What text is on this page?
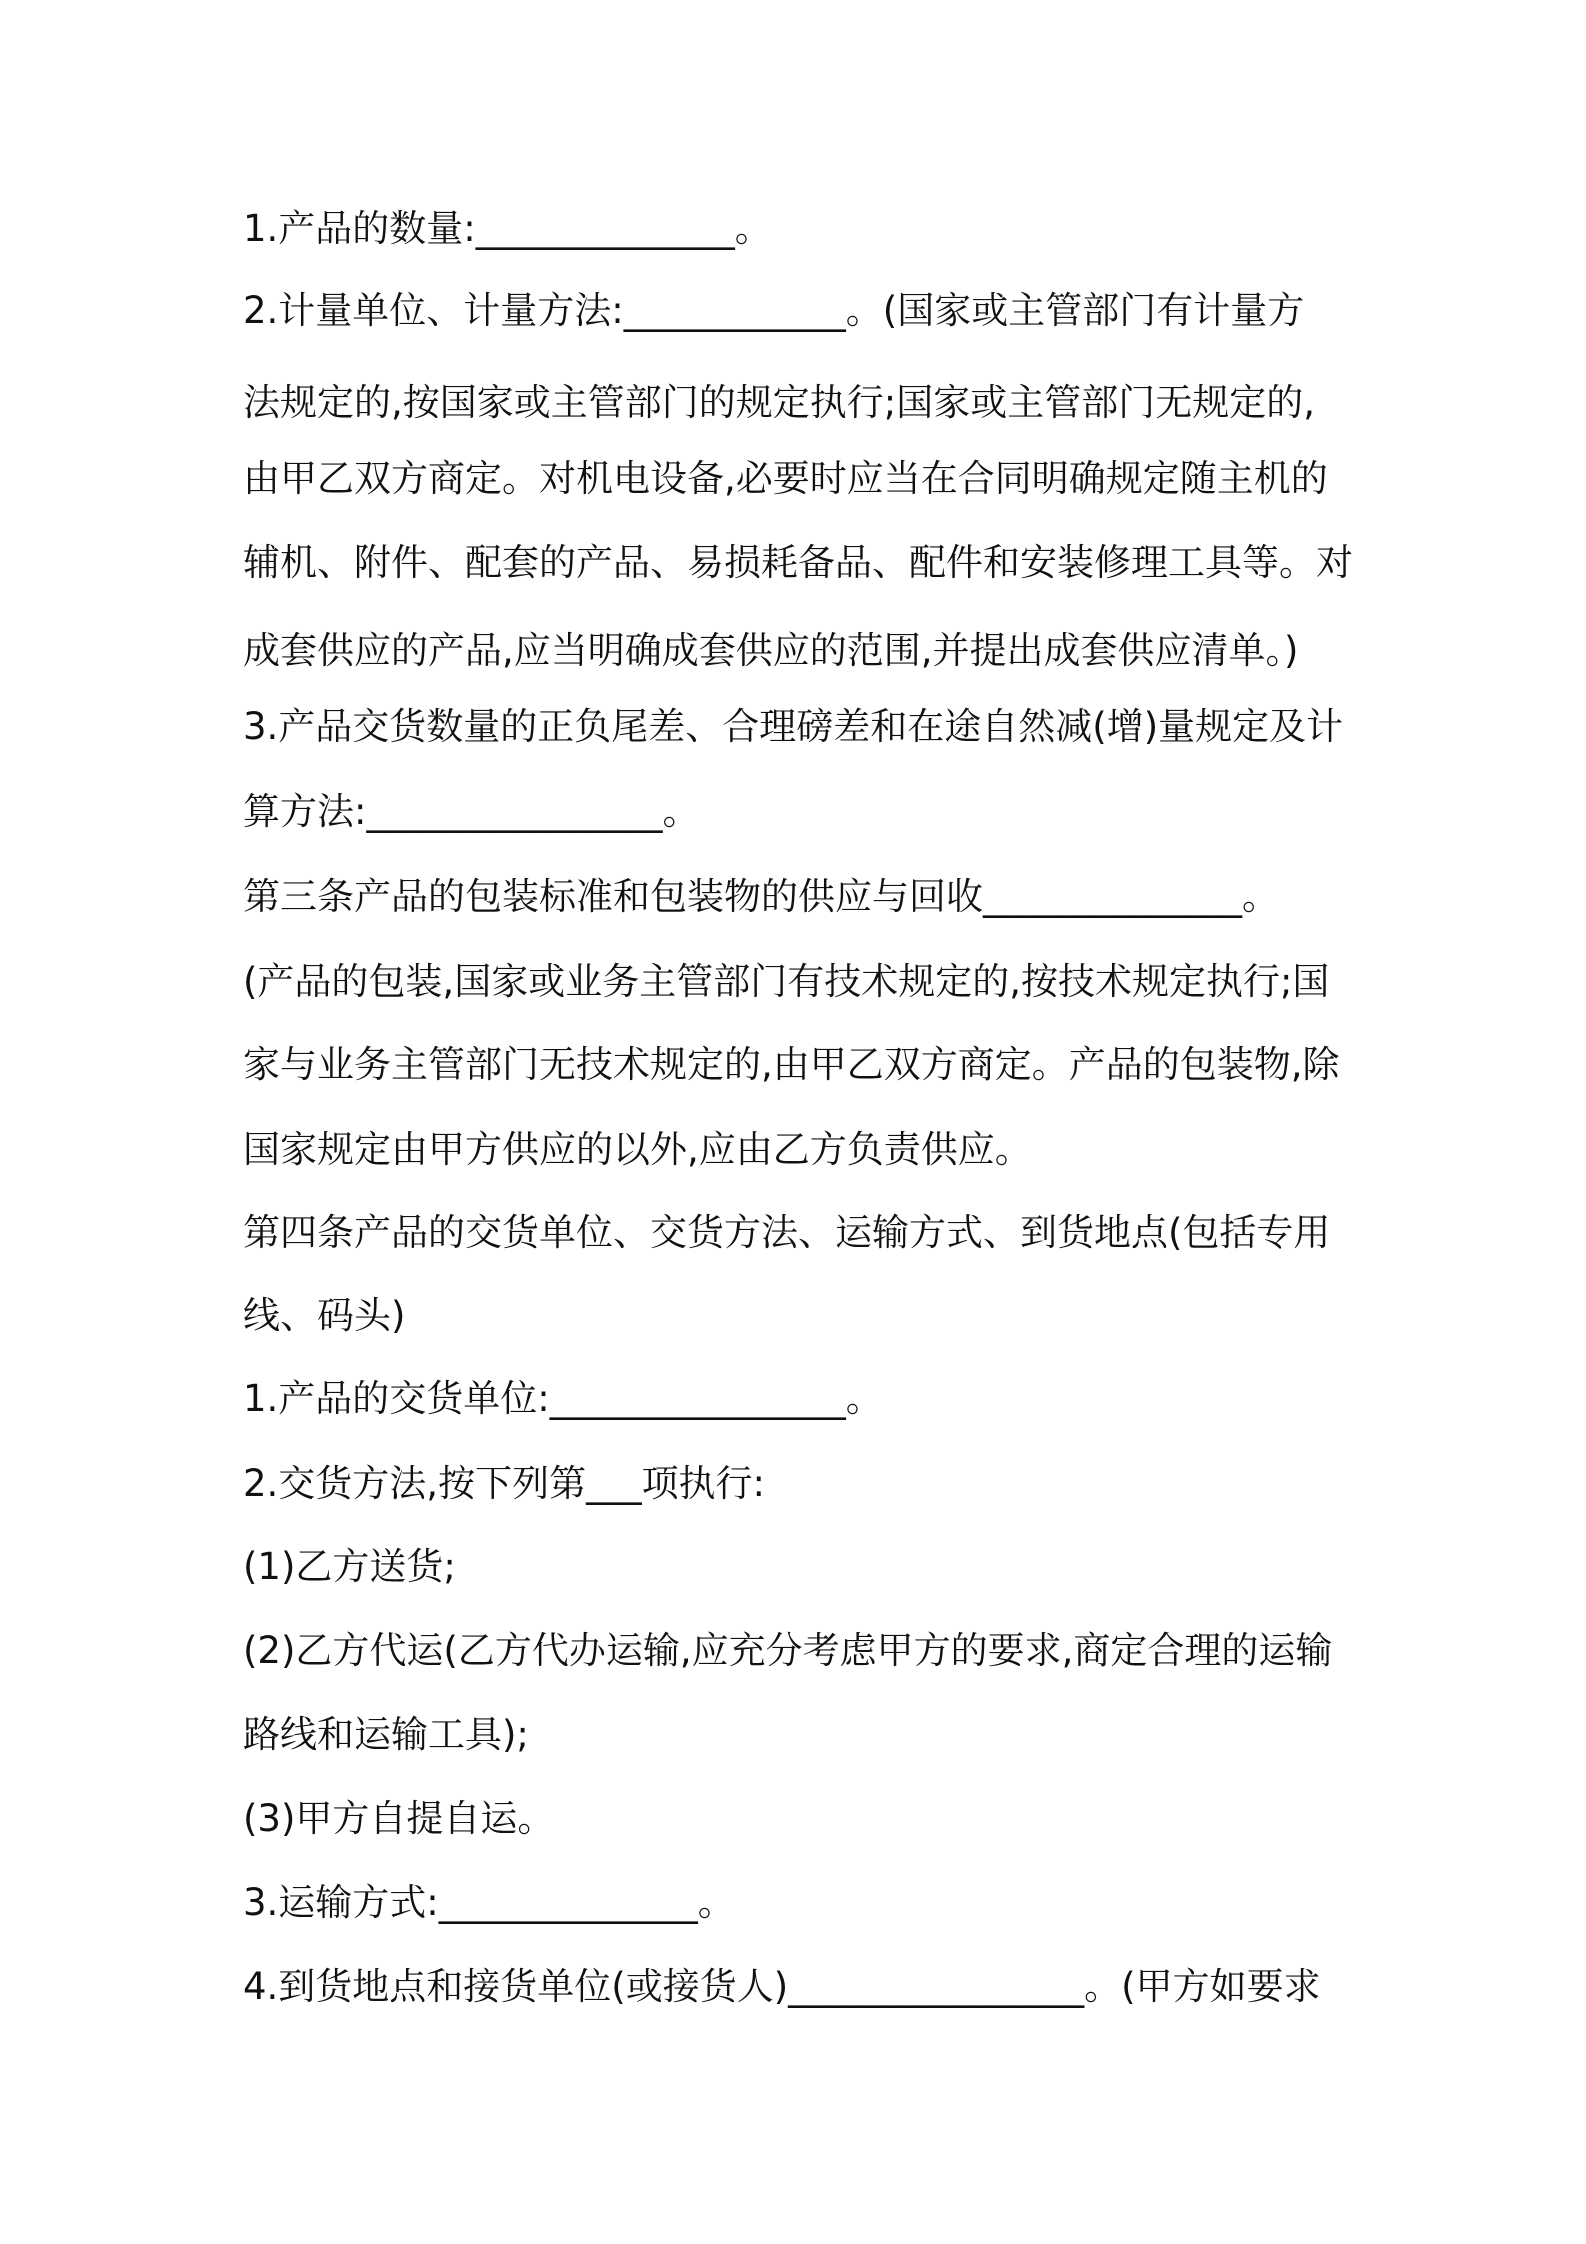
1.产品的数量:______________。
2.计量单位、计量方法:____________。(国家或主管部门有计量方
法规定的,按国家或主管部门的规定执行;国家或主管部门无规定的,
由甲乙双方商定。对机电设备,必要时应当在合同明确规定随主机的
辅机、附件、配套的产品、易损耗备品、配件和安装修理工具等。对
成套供应的产品,应当明确成套供应的范围,并提出成套供应清单。)
3.产品交货数量的正负尾差、合理磅差和在途自然减(增)量规定及计
算方法:________________。
第三条产品的包装标准和包装物的供应与回收______________。
(产品的包装,国家或业务主管部门有技术规定的,按技术规定执行;国
家与业务主管部门无技术规定的,由甲乙双方商定。产品的包装物,除
国家规定由甲方供应的以外,应由乙方负责供应。
第四条产品的交货单位、交货方法、运输方式、到货地点(包括专用
线、码头)
1.产品的交货单位:________________。
2.交货方法,按下列第___项执行:
(1)乙方送货;
(2)乙方代运(乙方代办运输,应充分考虑甲方的要求,商定合理的运输
路线和运输工具);
(3)甲方自提自运。
3.运输方式:______________。
4.到货地点和接货单位(或接货人)________________。(甲方如要求
